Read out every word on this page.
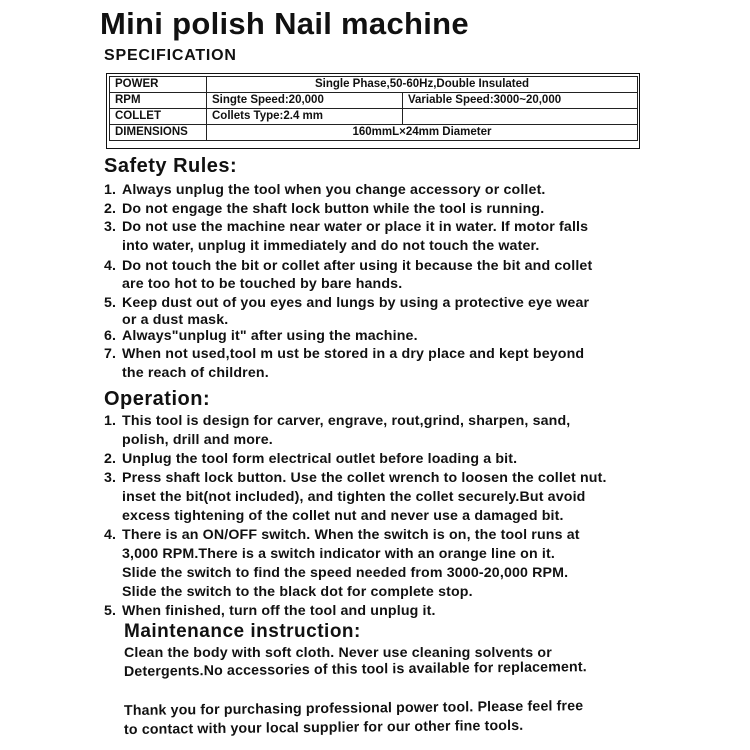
Mini polish Nail machine
SPECIFICATION
POWER	Single Phase,50-60Hz,Double Insulated	
RPM	Singte Speed:20,000	Variable Speed:3000~20,000
COLLET	Collets Type:2.4 mm	
DIMENSIONS	160mmL×24mm Diameter	
Safety Rules:
1. Always unplug the tool when you change accessory or collet.
2. Do not engage the shaft lock button while the tool is running.
3. Do not use the machine near water or place it in water. If motor falls
into water, unplug it immediately and do not touch the water.
4. Do not touch the bit or collet after using it because the bit and collet
are too hot to be touched by bare hands.
5. Keep dust out of you eyes and lungs by using a protective eye wear
or a dust mask.
6. Always"unplug it" after using the machine.
7. When not used,tool m ust be stored in a dry place and kept beyond
the reach of children.
Operation:
1. This tool is design for carver, engrave, rout,grind, sharpen, sand,
polish, drill and more.
2. Unplug the tool form electrical outlet before loading a bit.
3. Press shaft lock button. Use the collet wrench to loosen the collet nut.
inset the bit(not included), and tighten the collet securely.But avoid
excess tightening of the collet nut and never use a damaged bit.
4. There is an ON/OFF switch. When the switch is on, the tool runs at
3,000 RPM.There is a switch indicator with an orange line on it.
Slide the switch to find the speed needed from 3000-20,000 RPM.
Slide the switch to the black dot for complete stop.
5. When finished, turn off the tool and unplug it.
Maintenance instruction:
Clean the body with soft cloth. Never use cleaning solvents or
Detergents.No accessories of this tool is available for replacement.
Thank you for purchasing professional power tool. Please feel free
to contact with your local supplier for our other fine tools.
